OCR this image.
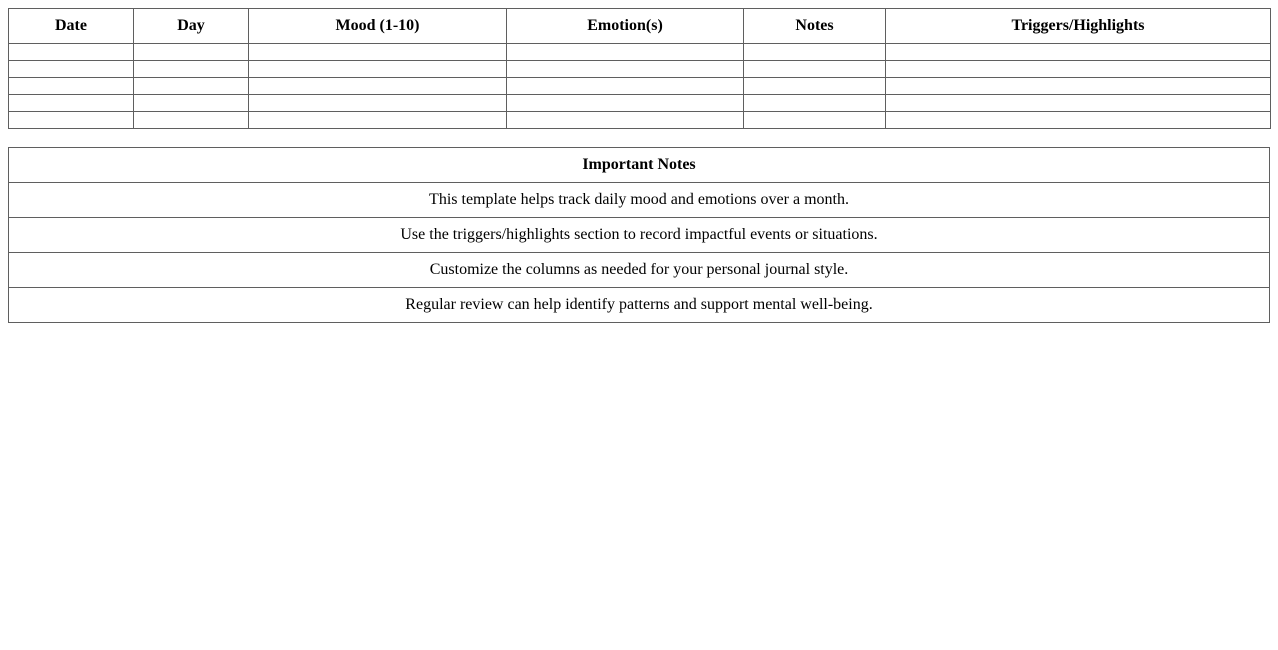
Date	Day	Mood (1-10)	Emotion(s)	Notes	Triggers/Highlights

Important Notes
This template helps track daily mood and emotions over a month.
Use the triggers/highlights section to record impactful events or situations.
Customize the columns as needed for your personal journal style.
Regular review can help identify patterns and support mental well-being.
